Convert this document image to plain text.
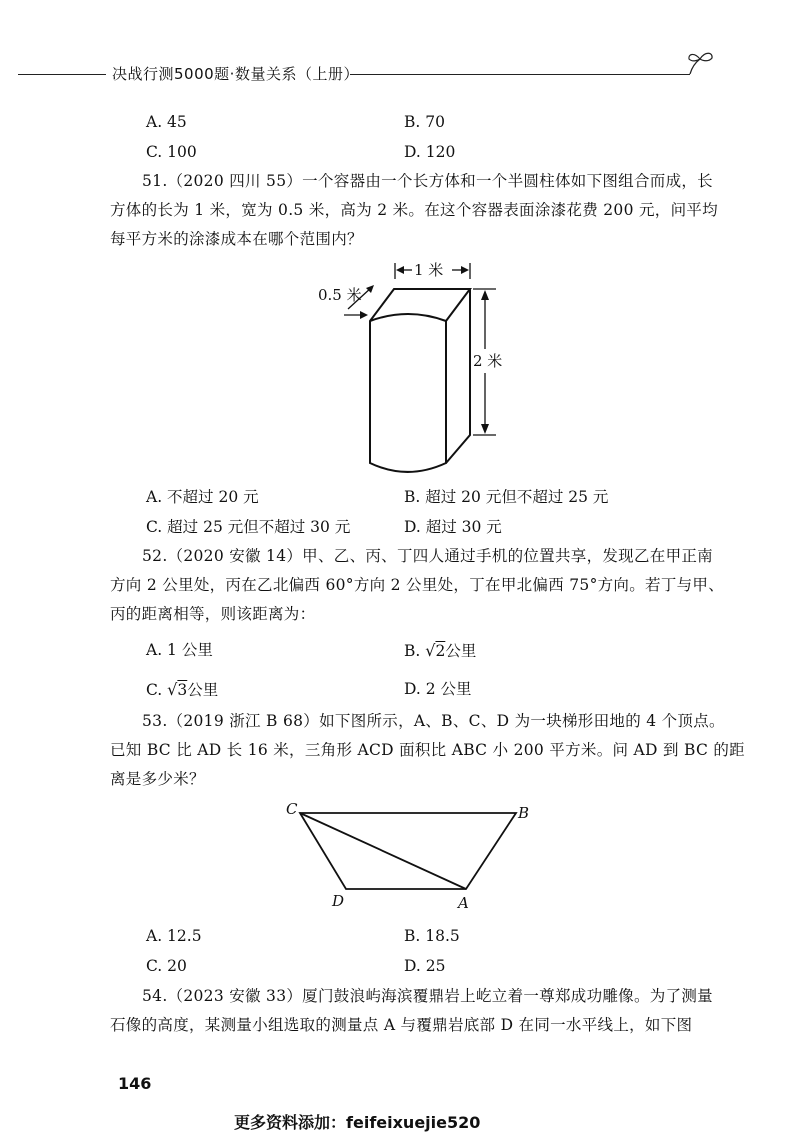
决战行测5000题·数量关系（上册）
A. 45	B. 70
C. 100	D. 120

51.（2020 四川 55）一个容器由一个长方体和一个半圆柱体如下图组合而成，长

方体的长为 1 米，宽为 0.5 米，高为 2 米。在这个容器表面涂漆花费 200 元，问平均

每平方米的涂漆成本在哪个范围内？

1 米
0.5 米
2 米
A. 不超过 20 元	B. 超过 20 元但不超过 25 元
C. 超过 25 元但不超过 30 元	D. 超过 30 元

52.（2020 安徽 14）甲、乙、丙、丁四人通过手机的位置共享，发现乙在甲正南

方向 2 公里处，丙在乙北偏西 60°方向 2 公里处，丁在甲北偏西 75°方向。若丁与甲、

丙的距离相等，则该距离为：

A. 1 公里	B. √2公里
C. √3公里	D. 2 公里

53.（2019 浙江 B 68）如下图所示，A、B、C、D 为一块梯形田地的 4 个顶点。

已知 BC 比 AD 长 16 米，三角形 ACD 面积比 ABC 小 200 平方米。问 AD 到 BC 的距

离是多少米？

C	B
D	A
A. 12.5	B. 18.5
C. 20	D. 25

54.（2023 安徽 33）厦门鼓浪屿海滨覆鼎岩上屹立着一尊郑成功雕像。为了测量

石像的高度，某测量小组选取的测量点 A 与覆鼎岩底部 D 在同一水平线上，如下图

146
更多资料添加：feifeixuejie520
